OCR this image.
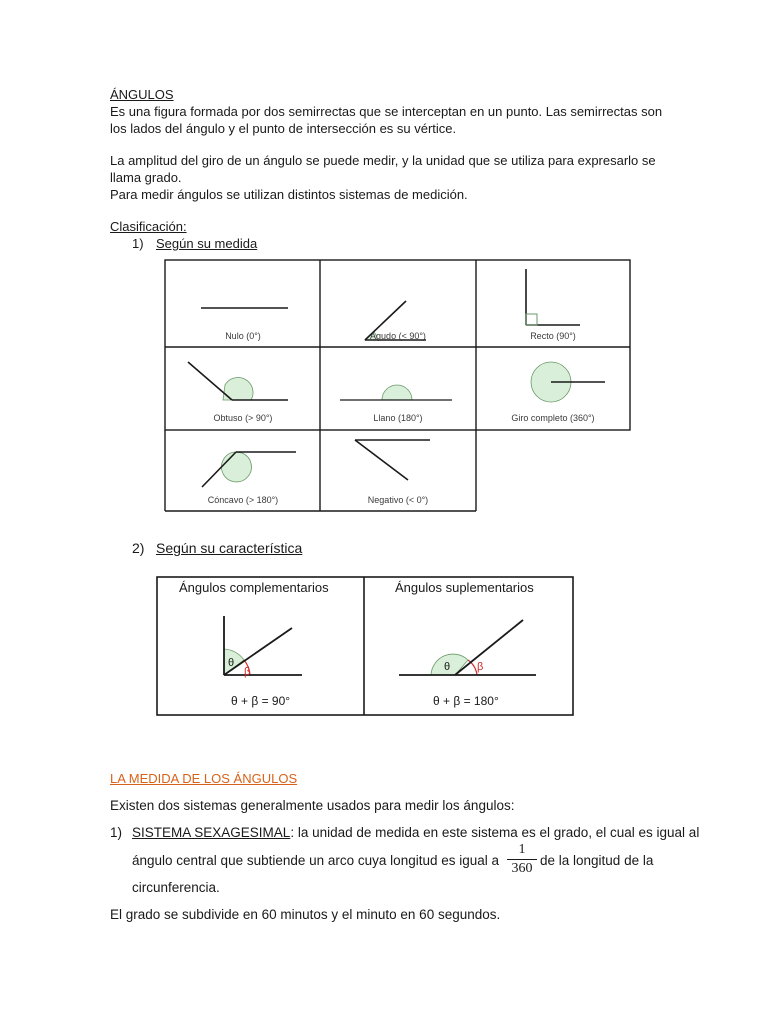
ÁNGULOS
Es una figura formada por dos semirrectas que se interceptan en un punto. Las semirrectas son
los lados del ángulo y el punto de intersección es su vértice.
La amplitud del giro de un ángulo se puede medir, y la unidad que se utiliza para expresarlo se
llama grado.
Para medir ángulos se utilizan distintos sistemas de medición.
Clasificación:
1) Según su medida
Nulo (0°)	Agudo (< 90°)	Recto (90°)
Obtuso (> 90°)	Llano (180°)	Giro completo (360°)
Cóncavo (> 180°)	Negativo (< 0°)
2) Según su característica
Ángulos complementarios	Ángulos suplementarios
θ + β = 90°	θ + β = 180°
θ
β	θ β
LA MEDIDA DE LOS ÁNGULOS
Existen dos sistemas generalmente usados para medir los ángulos:
1) SISTEMA SEXAGESIMAL: la unidad de medida en este sistema es el grado, el cual es igual al
ángulo central que subtiende un arco cuya longitud es igual a
1
360
de la longitud de la
circunferencia.
El grado se subdivide en 60 minutos y el minuto en 60 segundos.
